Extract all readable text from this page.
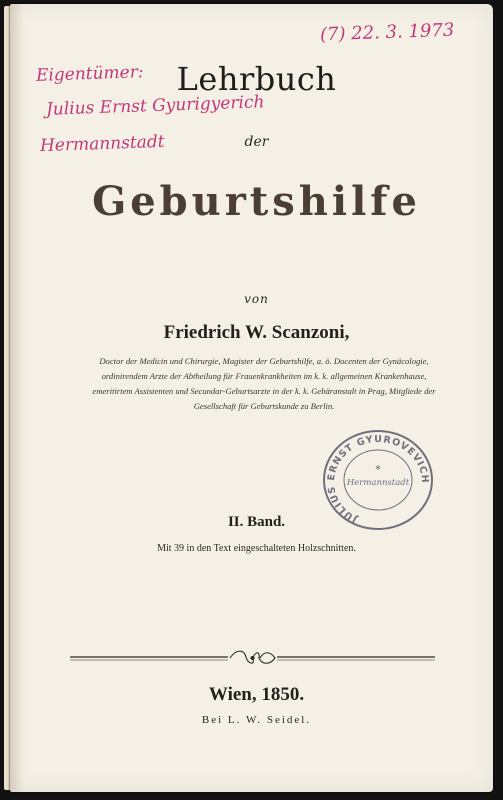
(7) 22. 3. 1973
Eigentümer:
Julius Ernst Gyurigyerich
Hermannstadt
Lehrbuch
der
Geburtshilfe
von
Friedrich W. Scanzoni,
Doctor der Medicin und Chirurgie, Magister der Geburtshilfe, a. ö. Docenten der Gynäcologie, ordinirendem Arzte der Abtheilung für Frauenkrankheiten im k. k. allgemeinen Krankenhause, emeritirtem Assistenten und Secundar-Geburtsarzte in der k. k. Gebäranstalt in Prag, Mitgliede der Gesellschaft für Geburtskunde zu Berlin.
JULIUS ERNST GYUROVEVICH
∗
Hermannstadt
II. Band.
Mit 39 in den Text eingeschalteten Holzschnitten.
Wien, 1850.
Bei L. W. Seidel.
